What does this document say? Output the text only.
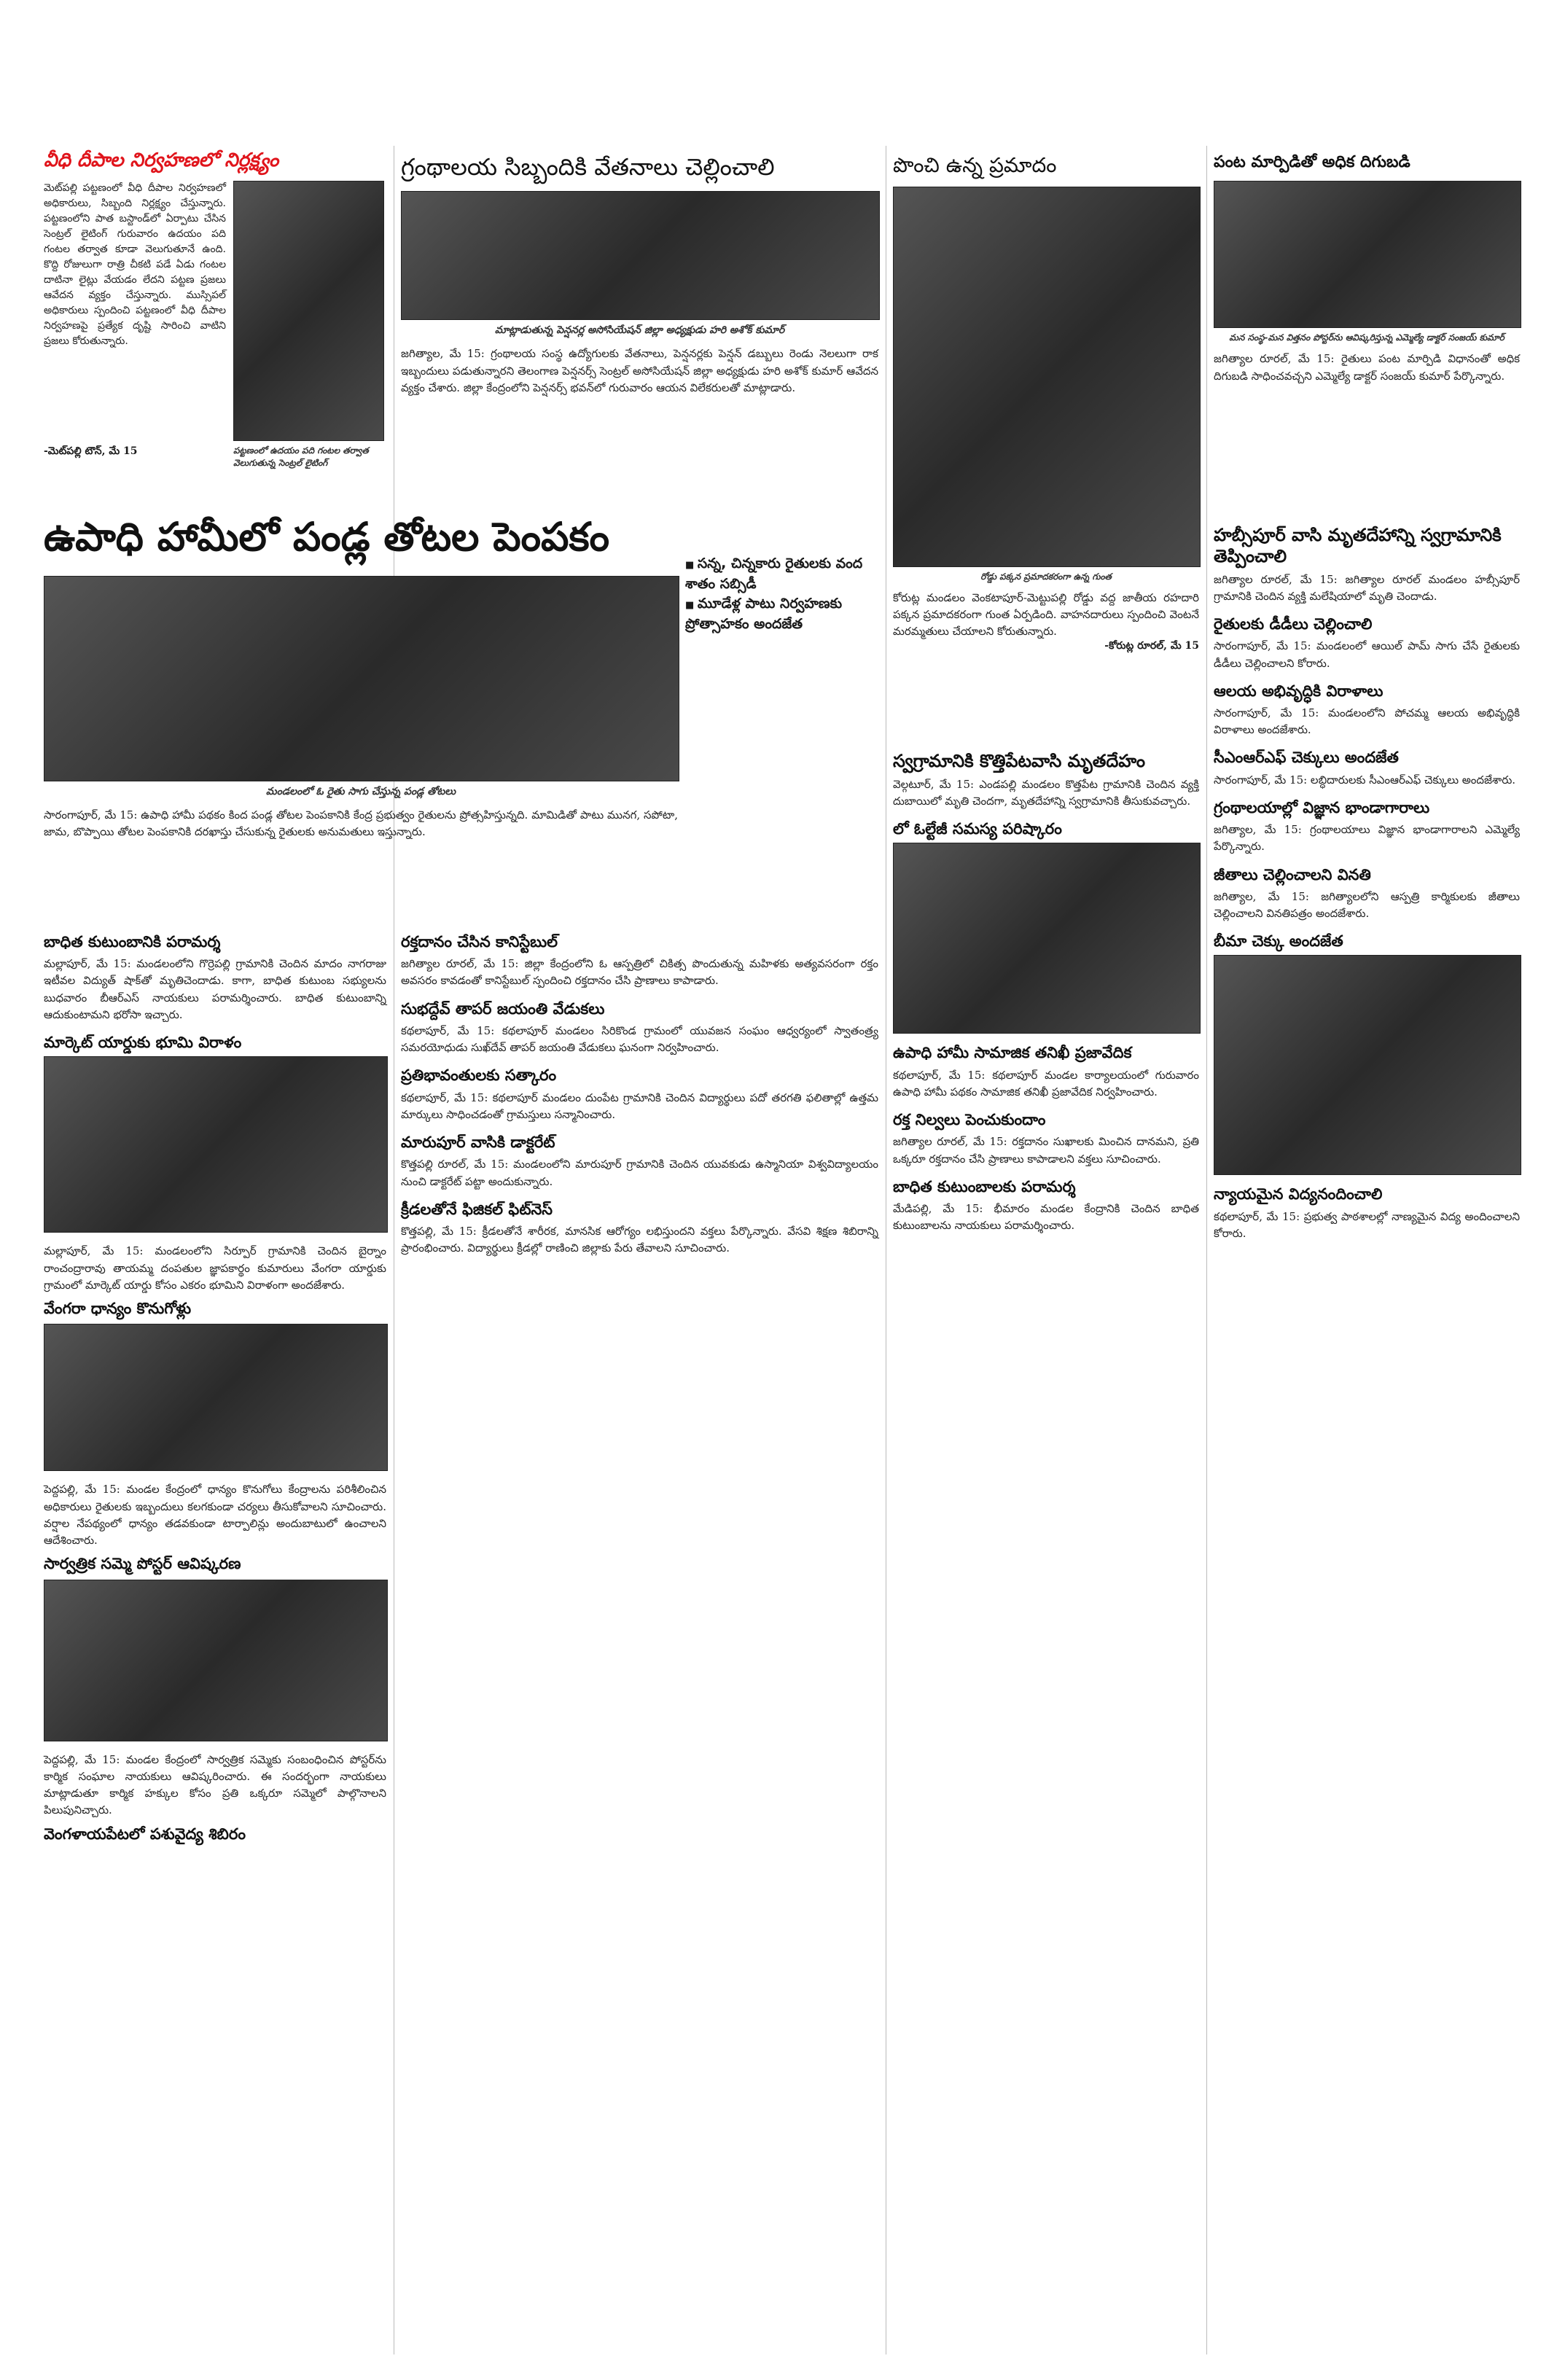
వీధి దీపాల నిర్వహణలో నిర్లక్ష్యం
మెట్‌పల్లి పట్టణంలో వీధి దీపాల నిర్వహణలో అధికారులు, సిబ్బంది నిర్లక్ష్యం చేస్తున్నారు. పట్టణంలోని పాత బస్టాండ్‌లో ఏర్పాటు చేసిన సెంట్రల్ లైటింగ్ గురువారం ఉదయం పది గంటల తర్వాత కూడా వెలుగుతూనే ఉంది. కొద్ది రోజులుగా రాత్రి చీకటి పడే ఏడు గంటల దాటినా లైట్లు వేయడం లేదని పట్టణ ప్రజలు ఆవేదన వ్యక్తం చేస్తున్నారు. ముస్సిపల్ అధికారులు స్పందించి పట్టణంలో వీధి దీపాల నిర్వహణపై ప్రత్యేక దృష్టి సారించి వాటిని ప్రజలు కోరుతున్నారు.
-మెట్‌పల్లి టౌన్, మే 15	పట్టణంలో ఉదయం పది గంటల తర్వాత వెలుగుతున్న సెంట్రల్ లైటింగ్
ఉపాధి హామీలో పండ్ల తోటల పెంపకం
మండలంలో ఓ రైతు సాగు చేస్తున్న పండ్ల తోటలు
సారంగాపూర్, మే 15: ఉపాధి హామీ పథకం కింద పండ్ల తోటల పెంపకానికి కేంద్ర ప్రభుత్వం రైతులను ప్రోత్సహిస్తున్నది. మామిడితో పాటు మునగ, సపోటా, జామ, బొప్పాయి తోటల పెంపకానికి దరఖాస్తు చేసుకున్న రైతులకు అనుమతులు ఇస్తున్నారు.
బాధిత కుటుంబానికి పరామర్శ
మల్లాపూర్, మే 15: మండలంలోని గొర్రెపల్లి గ్రామానికి చెందిన మాదం నాగరాజు ఇటీవల విద్యుత్ షాక్‌తో మృతిచెందాడు. కాగా, బాధిత కుటుంబ సభ్యులను బుధవారం బీఆర్ఎస్ నాయకులు పరామర్శించారు. బాధిత కుటుంబాన్ని ఆదుకుంటామని భరోసా ఇచ్చారు.
మార్కెట్ యార్డుకు భూమి విరాళం
మల్లాపూర్, మే 15: మండలంలోని సిర్పూర్ గ్రామానికి చెందిన బైర్నాం రాంచంద్రారావు తాయమ్మ దంపతుల జ్ఞాపకార్థం కుమారులు వేంగరా యార్డుకు గ్రామంలో మార్కెట్ యార్డు కోసం ఎకరం భూమిని విరాళంగా అందజేశారు.
వేంగరా ధాన్యం కొనుగోళ్లు
పెద్దపల్లి, మే 15: మండల కేంద్రంలో ధాన్యం కొనుగోలు కేంద్రాలను పరిశీలించిన అధికారులు రైతులకు ఇబ్బందులు కలగకుండా చర్యలు తీసుకోవాలని సూచించారు. వర్షాల నేపథ్యంలో ధాన్యం తడవకుండా టార్పాలిన్లు అందుబాటులో ఉంచాలని ఆదేశించారు.
సార్వత్రిక సమ్మె పోస్టర్ ఆవిష్కరణ
పెద్దపల్లి, మే 15: మండల కేంద్రంలో సార్వత్రిక సమ్మెకు సంబంధించిన పోస్టర్‌ను కార్మిక సంఘాల నాయకులు ఆవిష్కరించారు. ఈ సందర్భంగా నాయకులు మాట్లాడుతూ కార్మిక హక్కుల కోసం ప్రతి ఒక్కరూ సమ్మెలో పాల్గొనాలని పిలుపునిచ్చారు.
వెంగళాయపేటలో పశువైద్య శిబిరం
గ్రంథాలయ సిబ్బందికి వేతనాలు చెల్లించాలి
మాట్లాడుతున్న పెన్షనర్ల అసోసియేషన్ జిల్లా అధ్యక్షుడు హరి అశోక్ కుమార్
జగిత్యాల, మే 15: గ్రంథాలయ సంస్థ ఉద్యోగులకు వేతనాలు, పెన్షనర్లకు పెన్షన్ డబ్బులు రెండు నెలలుగా రాక ఇబ్బందులు పడుతున్నారని తెలంగాణ పెన్షనర్స్ సెంట్రల్ అసోసియేషన్ జిల్లా అధ్యక్షుడు హరి అశోక్ కుమార్ ఆవేదన వ్యక్తం చేశారు. జిల్లా కేంద్రంలోని పెన్షనర్స్ భవన్‌లో గురువారం ఆయన విలేకరులతో మాట్లాడారు.
రక్తదానం చేసిన కానిస్టేబుల్
జగిత్యాల రూరల్, మే 15: జిల్లా కేంద్రంలోని ఓ ఆస్పత్రిలో చికిత్స పొందుతున్న మహిళకు అత్యవసరంగా రక్తం అవసరం కావడంతో కానిస్టేబుల్ స్పందించి రక్తదానం చేసి ప్రాణాలు కాపాడారు.
సుభద్దేవ్ తాపర్ జయంతి వేడుకలు
కథలాపూర్, మే 15: కథలాపూర్ మండలం సిరికొండ గ్రామంలో యువజన సంఘం ఆధ్వర్యంలో స్వాతంత్ర్య సమరయోధుడు సుఖ్‌దేవ్ తాపర్ జయంతి వేడుకలు ఘనంగా నిర్వహించారు.
ప్రతిభావంతులకు సత్కారం
కథలాపూర్, మే 15: కథలాపూర్ మండలం దుంపేట గ్రామానికి చెందిన విద్యార్థులు పదో తరగతి ఫలితాల్లో ఉత్తమ మార్కులు సాధించడంతో గ్రామస్తులు సన్మానించారు.
మారుపూర్ వాసికి డాక్టరేట్
కొత్తపల్లి రూరల్, మే 15: మండలంలోని మారుపూర్ గ్రామానికి చెందిన యువకుడు ఉస్మానియా విశ్వవిద్యాలయం నుంచి డాక్టరేట్ పట్టా అందుకున్నారు.
క్రీడలతోనే ఫిజికల్ ఫిట్‌నెస్
కొత్తపల్లి, మే 15: క్రీడలతోనే శారీరక, మానసిక ఆరోగ్యం లభిస్తుందని వక్తలు పేర్కొన్నారు. వేసవి శిక్షణ శిబిరాన్ని ప్రారంభించారు. విద్యార్థులు క్రీడల్లో రాణించి జిల్లాకు పేరు తేవాలని సూచించారు.
పొంచి ఉన్న ప్రమాదం
రోడ్డు పక్కన ప్రమాదకరంగా ఉన్న గుంత
కోరుట్ల మండలం వెంకటాపూర్-మెట్టుపల్లి రోడ్డు వద్ద జాతీయ రహదారి పక్కన ప్రమాదకరంగా గుంత ఏర్పడింది. వాహనదారులు స్పందించి వెంటనే మరమ్మతులు చేయాలని కోరుతున్నారు.
-కోరుట్ల రూరల్, మే 15
■ సన్న, చిన్నకారు రైతులకు వంద శాతం సబ్సిడీ
■ మూడేళ్ల పాటు నిర్వహణకు ప్రోత్సాహకం అందజేత
స్వగ్రామానికి కొత్తిపేటవాసి మృతదేహం
వెల్గటూర్, మే 15: ఎండపల్లి మండలం కొత్తపేట గ్రామానికి చెందిన వ్యక్తి దుబాయిలో మృతి చెందగా, మృతదేహాన్ని స్వగ్రామానికి తీసుకువచ్చారు.
లో ఓల్టేజీ సమస్య పరిష్కారం
ఉపాధి హామీ సామాజిక తనిఖీ ప్రజావేదిక
కథలాపూర్, మే 15: కథలాపూర్ మండల కార్యాలయంలో గురువారం ఉపాధి హామీ పథకం సామాజిక తనిఖీ ప్రజావేదిక నిర్వహించారు.
రక్త నిల్వలు పెంచుకుందాం
జగిత్యాల రూరల్, మే 15: రక్తదానం సుఖాలకు మించిన దానమని, ప్రతి ఒక్కరూ రక్తదానం చేసి ప్రాణాలు కాపాడాలని వక్తలు సూచించారు.
బాధిత కుటుంబాలకు పరామర్శ
మేడిపల్లి, మే 15: భీమారం మండల కేంద్రానికి చెందిన బాధిత కుటుంబాలను నాయకులు పరామర్శించారు.
పంట మార్పిడితో అధిక దిగుబడి
మన సంస్థ-మన విత్తనం పోస్టర్‌ను ఆవిష్కరిస్తున్న ఎమ్మెల్యే డాక్టర్ సంజయ్ కుమార్
జగిత్యాల రూరల్, మే 15: రైతులు పంట మార్పిడి విధానంతో అధిక దిగుబడి సాధించవచ్చని ఎమ్మెల్యే డాక్టర్ సంజయ్ కుమార్ పేర్కొన్నారు.
హబ్సీపూర్ వాసి మృతదేహాన్ని స్వగ్రామానికి తెప్పించాలి
జగిత్యాల రూరల్, మే 15: జగిత్యాల రూరల్ మండలం హబ్సీపూర్ గ్రామానికి చెందిన వ్యక్తి మలేషియాలో మృతి చెందాడు.
రైతులకు డీడీలు చెల్లించాలి
సారంగాపూర్, మే 15: మండలంలో ఆయిల్ పామ్ సాగు చేసే రైతులకు డీడీలు చెల్లించాలని కోరారు.
ఆలయ అభివృద్ధికి విరాళాలు
సారంగాపూర్, మే 15: మండలంలోని పోచమ్మ ఆలయ అభివృద్ధికి విరాళాలు అందజేశారు.
సీఎంఆర్‌ఎఫ్ చెక్కులు అందజేత
సారంగాపూర్, మే 15: లబ్ధిదారులకు సీఎంఆర్‌ఎఫ్ చెక్కులు అందజేశారు.
గ్రంథాలయాల్లో విజ్ఞాన భాండాగారాలు
జగిత్యాల, మే 15: గ్రంథాలయాలు విజ్ఞాన భాండాగారాలని ఎమ్మెల్యే పేర్కొన్నారు.
జీతాలు చెల్లించాలని వినతి
జగిత్యాల, మే 15: జగిత్యాలలోని ఆస్పత్రి కార్మికులకు జీతాలు చెల్లించాలని వినతిపత్రం అందజేశారు.
బీమా చెక్కు అందజేత
న్యాయమైన విద్యనందించాలి
కథలాపూర్, మే 15: ప్రభుత్వ పాఠశాలల్లో నాణ్యమైన విద్య అందించాలని కోరారు.
